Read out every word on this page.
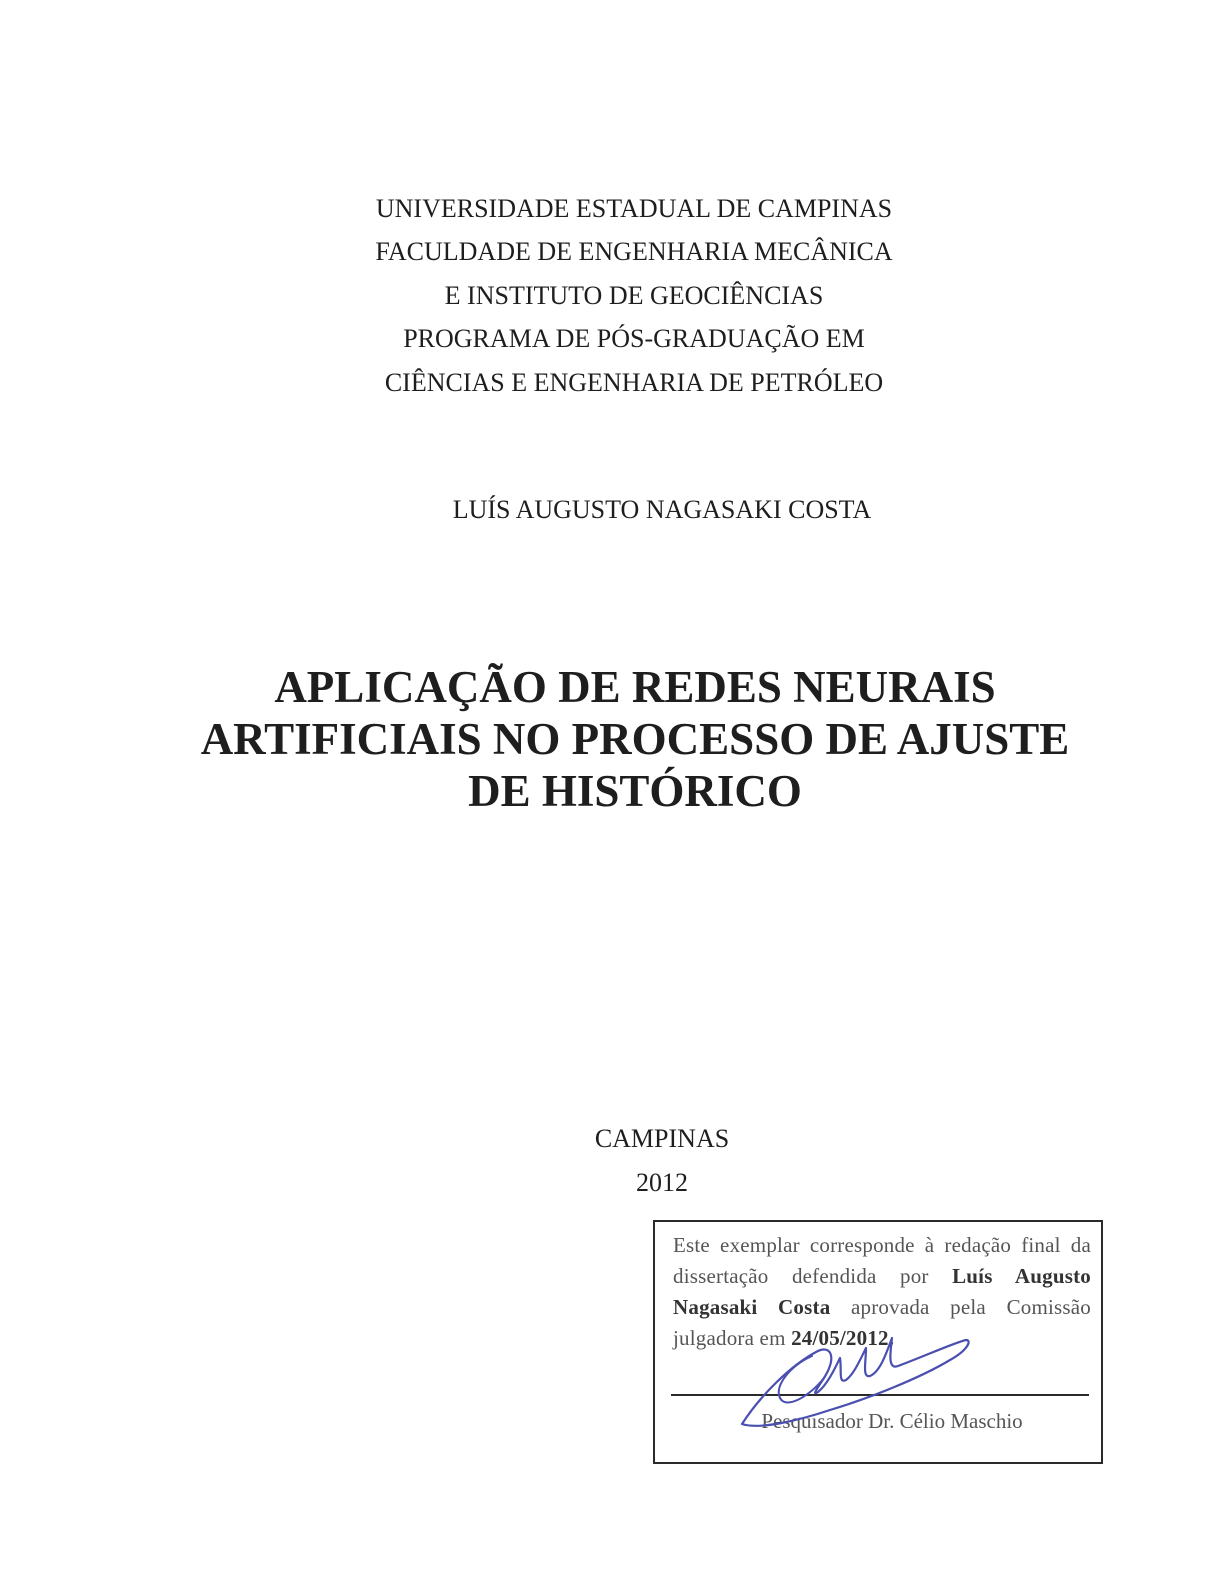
UNIVERSIDADE ESTADUAL DE CAMPINAS
FACULDADE DE ENGENHARIA MECÂNICA
E INSTITUTO DE GEOCIÊNCIAS
PROGRAMA DE PÓS-GRADUAÇÃO EM
CIÊNCIAS E ENGENHARIA DE PETRÓLEO
LUÍS AUGUSTO NAGASAKI COSTA
APLICAÇÃO DE REDES NEURAIS
ARTIFICIAIS NO PROCESSO DE AJUSTE
DE HISTÓRICO
CAMPINAS
2012
Este exemplar corresponde à redação final da dissertação defendida por Luís Augusto Nagasaki Costa aprovada pela Comissão julgadora em 24/05/2012.
Pesquisador Dr. Célio Maschio
